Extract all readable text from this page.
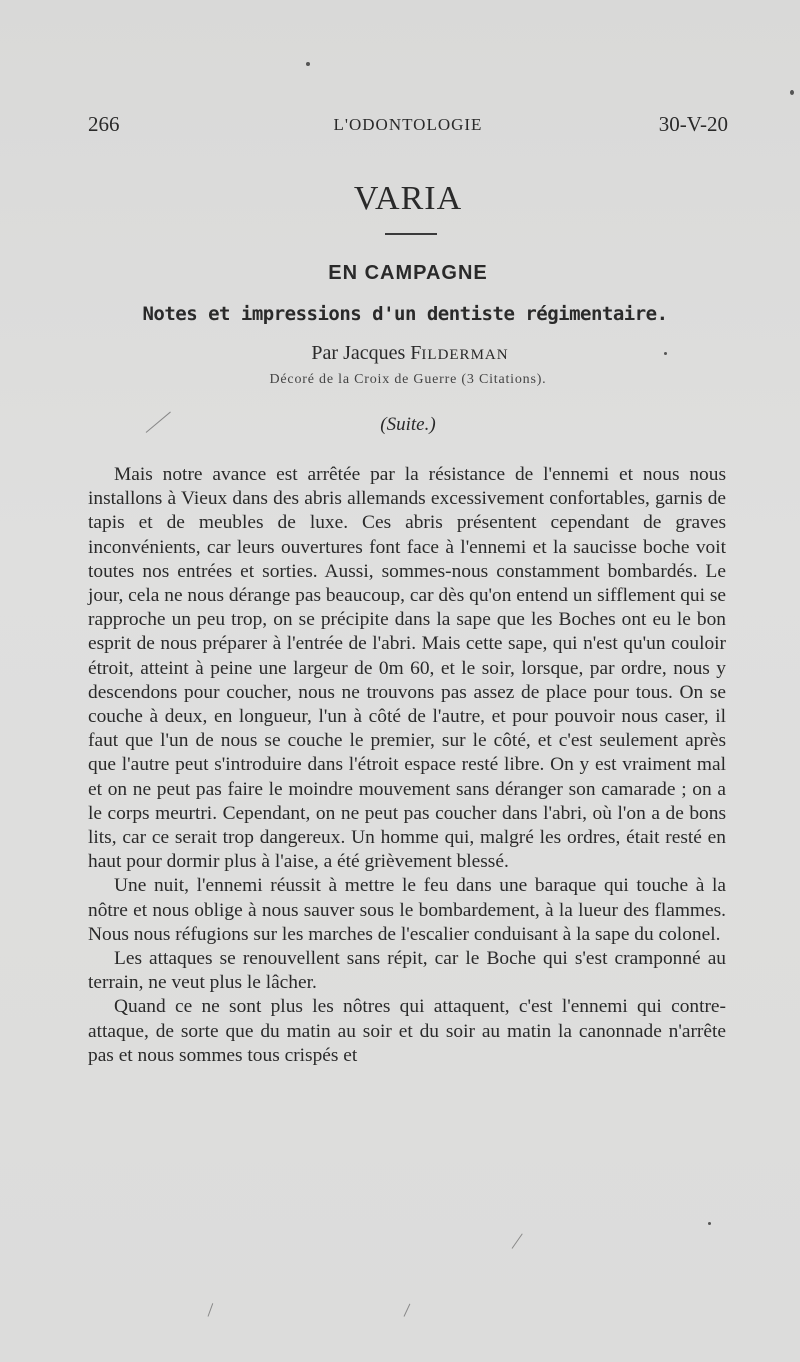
266	L'ODONTOLOGIE	30-V-20
VARIA
EN CAMPAGNE
Notes et impressions d'un dentiste régimentaire.
Par Jacques FILDERMAN
Décoré de la Croix de Guerre (3 Citations).
(Suite.)

Mais notre avance est arrêtée par la résistance de l'ennemi et nous nous installons à Vieux dans des abris allemands excessivement confortables, garnis de tapis et de meubles de luxe. Ces abris présentent cependant de graves inconvénients, car leurs ouvertures font face à l'ennemi et la saucisse boche voit toutes nos entrées et sorties. Aussi, sommes-nous constamment bombardés. Le jour, cela ne nous dérange pas beaucoup, car dès qu'on entend un sifflement qui se rapproche un peu trop, on se précipite dans la sape que les Boches ont eu le bon esprit de nous préparer à l'entrée de l'abri. Mais cette sape, qui n'est qu'un couloir étroit, atteint à peine une largeur de 0m 60, et le soir, lorsque, par ordre, nous y descendons pour coucher, nous ne trouvons pas assez de place pour tous. On se couche à deux, en longueur, l'un à côté de l'autre, et pour pouvoir nous caser, il faut que l'un de nous se couche le premier, sur le côté, et c'est seulement après que l'autre peut s'introduire dans l'étroit espace resté libre. On y est vraiment mal et on ne peut pas faire le moindre mouvement sans déranger son camarade ; on a le corps meurtri. Cependant, on ne peut pas coucher dans l'abri, où l'on a de bons lits, car ce serait trop dangereux. Un homme qui, malgré les ordres, était resté en haut pour dormir plus à l'aise, a été grièvement blessé.

Une nuit, l'ennemi réussit à mettre le feu dans une baraque qui touche à la nôtre et nous oblige à nous sauver sous le bombardement, à la lueur des flammes. Nous nous réfugions sur les marches de l'escalier conduisant à la sape du colonel.

Les attaques se renouvellent sans répit, car le Boche qui s'est cramponné au terrain, ne veut plus le lâcher.

Quand ce ne sont plus les nôtres qui attaquent, c'est l'ennemi qui contre-attaque, de sorte que du matin au soir et du soir au matin la canonnade n'arrête pas et nous sommes tous crispés et
